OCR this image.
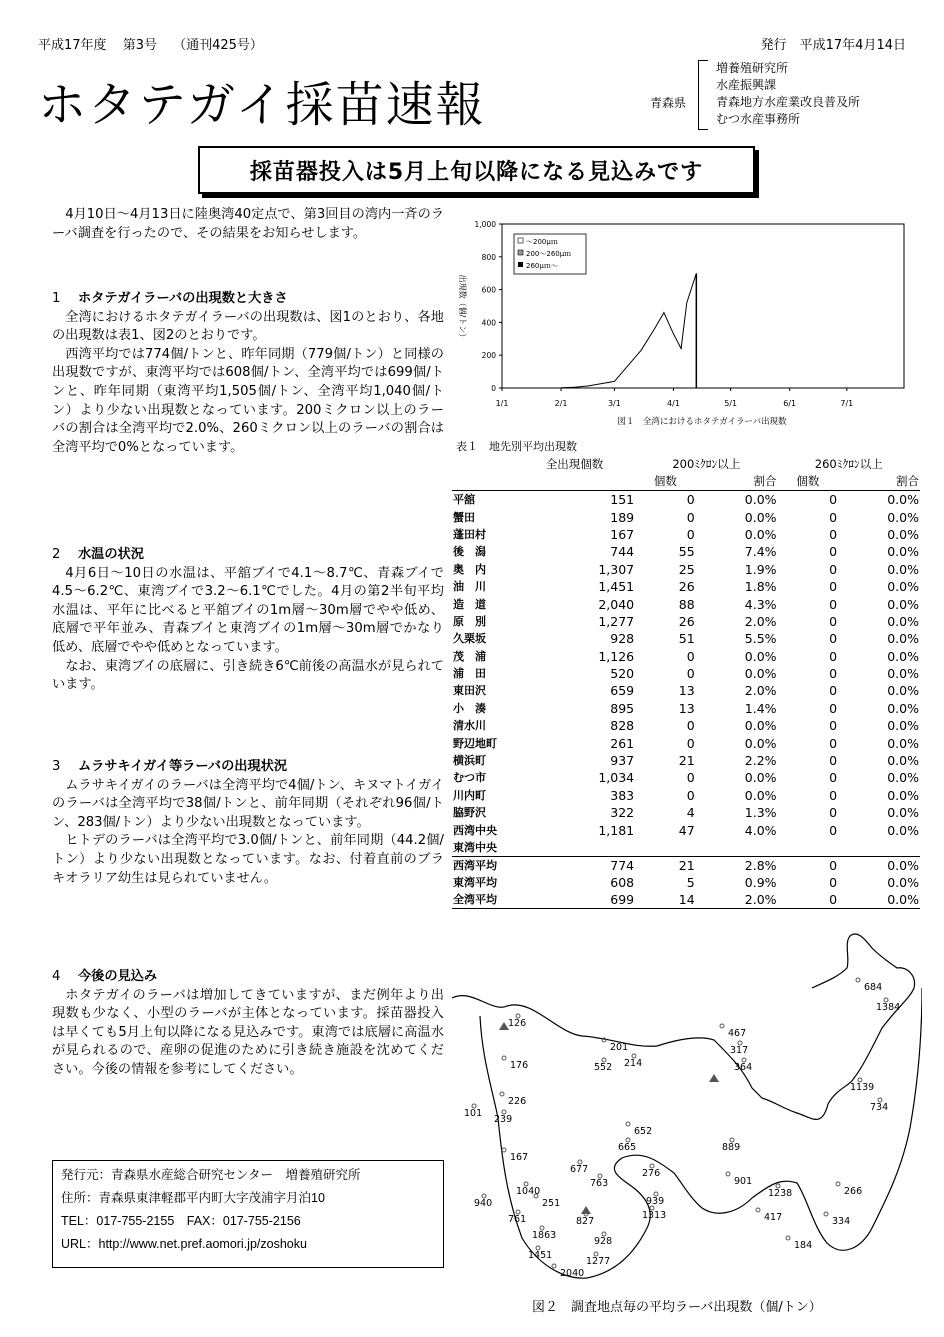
平成17年度 第3号 （通刊425号）	発行　平成17年4月14日
ホタテガイ採苗速報	青森県
増養殖研究所
水産振興課
青森地方水産業改良普及所
むつ水産事務所
採苗器投入は5月上旬以降になる見込みです

4月10日～4月13日に陸奥湾40定点で、第3回目の湾内一斉のラーバ調査を行ったので、その結果をお知らせします。

1 ホタテガイラーバの出現数と大きさ

全湾におけるホタテガイラーバの出現数は、図1のとおり、各地の出現数は表1、図2のとおりです。

西湾平均では774個/トンと、昨年同期（779個/トン）と同様の出現数ですが、東湾平均では608個/トン、全湾平均では699個/トンと、昨年同期（東湾平均1,505個/トン、全湾平均1,040個/トン）より少ない出現数となっています。200ミクロン以上のラーバの割合は全湾平均で2.0%、260ミクロン以上のラーバの割合は全湾平均で0%となっています。

2 水温の状況

4月6日～10日の水温は、平舘ブイで4.1～8.7℃、青森ブイで4.5～6.2℃、東湾ブイで3.2～6.1℃でした。4月の第2半旬平均水温は、平年に比べると平舘ブイの1m層～30m層でやや低め、底層で平年並み、青森ブイと東湾ブイの1m層～30m層でかなり低め、底層でやや低めとなっています。

なお、東湾ブイの底層に、引き続き6℃前後の高温水が見られています。

3 ムラサキイガイ等ラーバの出現状況

ムラサキイガイのラーバは全湾平均で4個/トン、キヌマトイガイのラーバは全湾平均で38個/トンと、前年同期（それぞれ96個/トン、283個/トン）より少ない出現数となっています。

ヒトデのラーバは全湾平均で3.0個/トンと、前年同期（44.2個/トン）より少ない出現数となっています。なお、付着直前のブラキオラリア幼生は見られていません。

4 今後の見込み

ホタテガイのラーバは増加してきていますが、まだ例年より出現数も少なく、小型のラーバが主体となっています。採苗器投入は早くても5月上旬以降になる見込みです。東湾では底層に高温水が見られるので、産卵の促進のために引き続き施設を沈めてください。今後の情報を参考にしてください。

発行元：青森県水産総合研究センター　増養殖研究所
住所：青森県東津軽郡平内町大字茂浦字月泊10
TEL：017-755-2155　FAX：017-755-2156
URL：http://www.net.pref.aomori.jp/zoshoku
0
200
400
600
800
1,000
1/1	2/1	3/1	4/1	5/1	6/1	7/1
～200μｍ
200～260μｍ
260μｍ～
出現数（個/トン）
図１　全湾におけるホタテガイラーバ出現数
表１　地先別平均出現数
	全出現個数	200ﾐｸﾛﾝ以上		260ﾐｸﾛﾝ以上	
		個数	割合	個数	割合
平舘	151	0	0.0%	0	0.0%
蟹田	189	0	0.0%	0	0.0%
蓬田村	167	0	0.0%	0	0.0%
後　潟	744	55	7.4%	0	0.0%
奥　内	1,307	25	1.9%	0	0.0%
油　川	1,451	26	1.8%	0	0.0%
造　道	2,040	88	4.3%	0	0.0%
原　別	1,277	26	2.0%	0	0.0%
久栗坂	928	51	5.5%	0	0.0%
茂　浦	1,126	0	0.0%	0	0.0%
浦　田	520	0	0.0%	0	0.0%
東田沢	659	13	2.0%	0	0.0%
小　湊	895	13	1.4%	0	0.0%
清水川	828	0	0.0%	0	0.0%
野辺地町	261	0	0.0%	0	0.0%
横浜町	937	21	2.2%	0	0.0%
むつ市	1,034	0	0.0%	0	0.0%
川内町	383	0	0.0%	0	0.0%
脇野沢	322	4	1.3%	0	0.0%
西湾中央	1,181	47	4.0%	0	0.0%
東湾中央					
西湾平均	774	21	2.8%	0	0.0%
東湾平均	608	5	0.9%	0	0.0%
全湾平均	699	14	2.0%	0	0.0%
684
1384
126
467
317
364
201
214
552
176
1139
734
226
101
239
652
665	889
167
677	276
901
763
1040
251	939
1238	266
940
1313	417
761	827	334
1863
928	184
1451
1277
2040
図２　調査地点毎の平均ラーバ出現数（個/トン）
